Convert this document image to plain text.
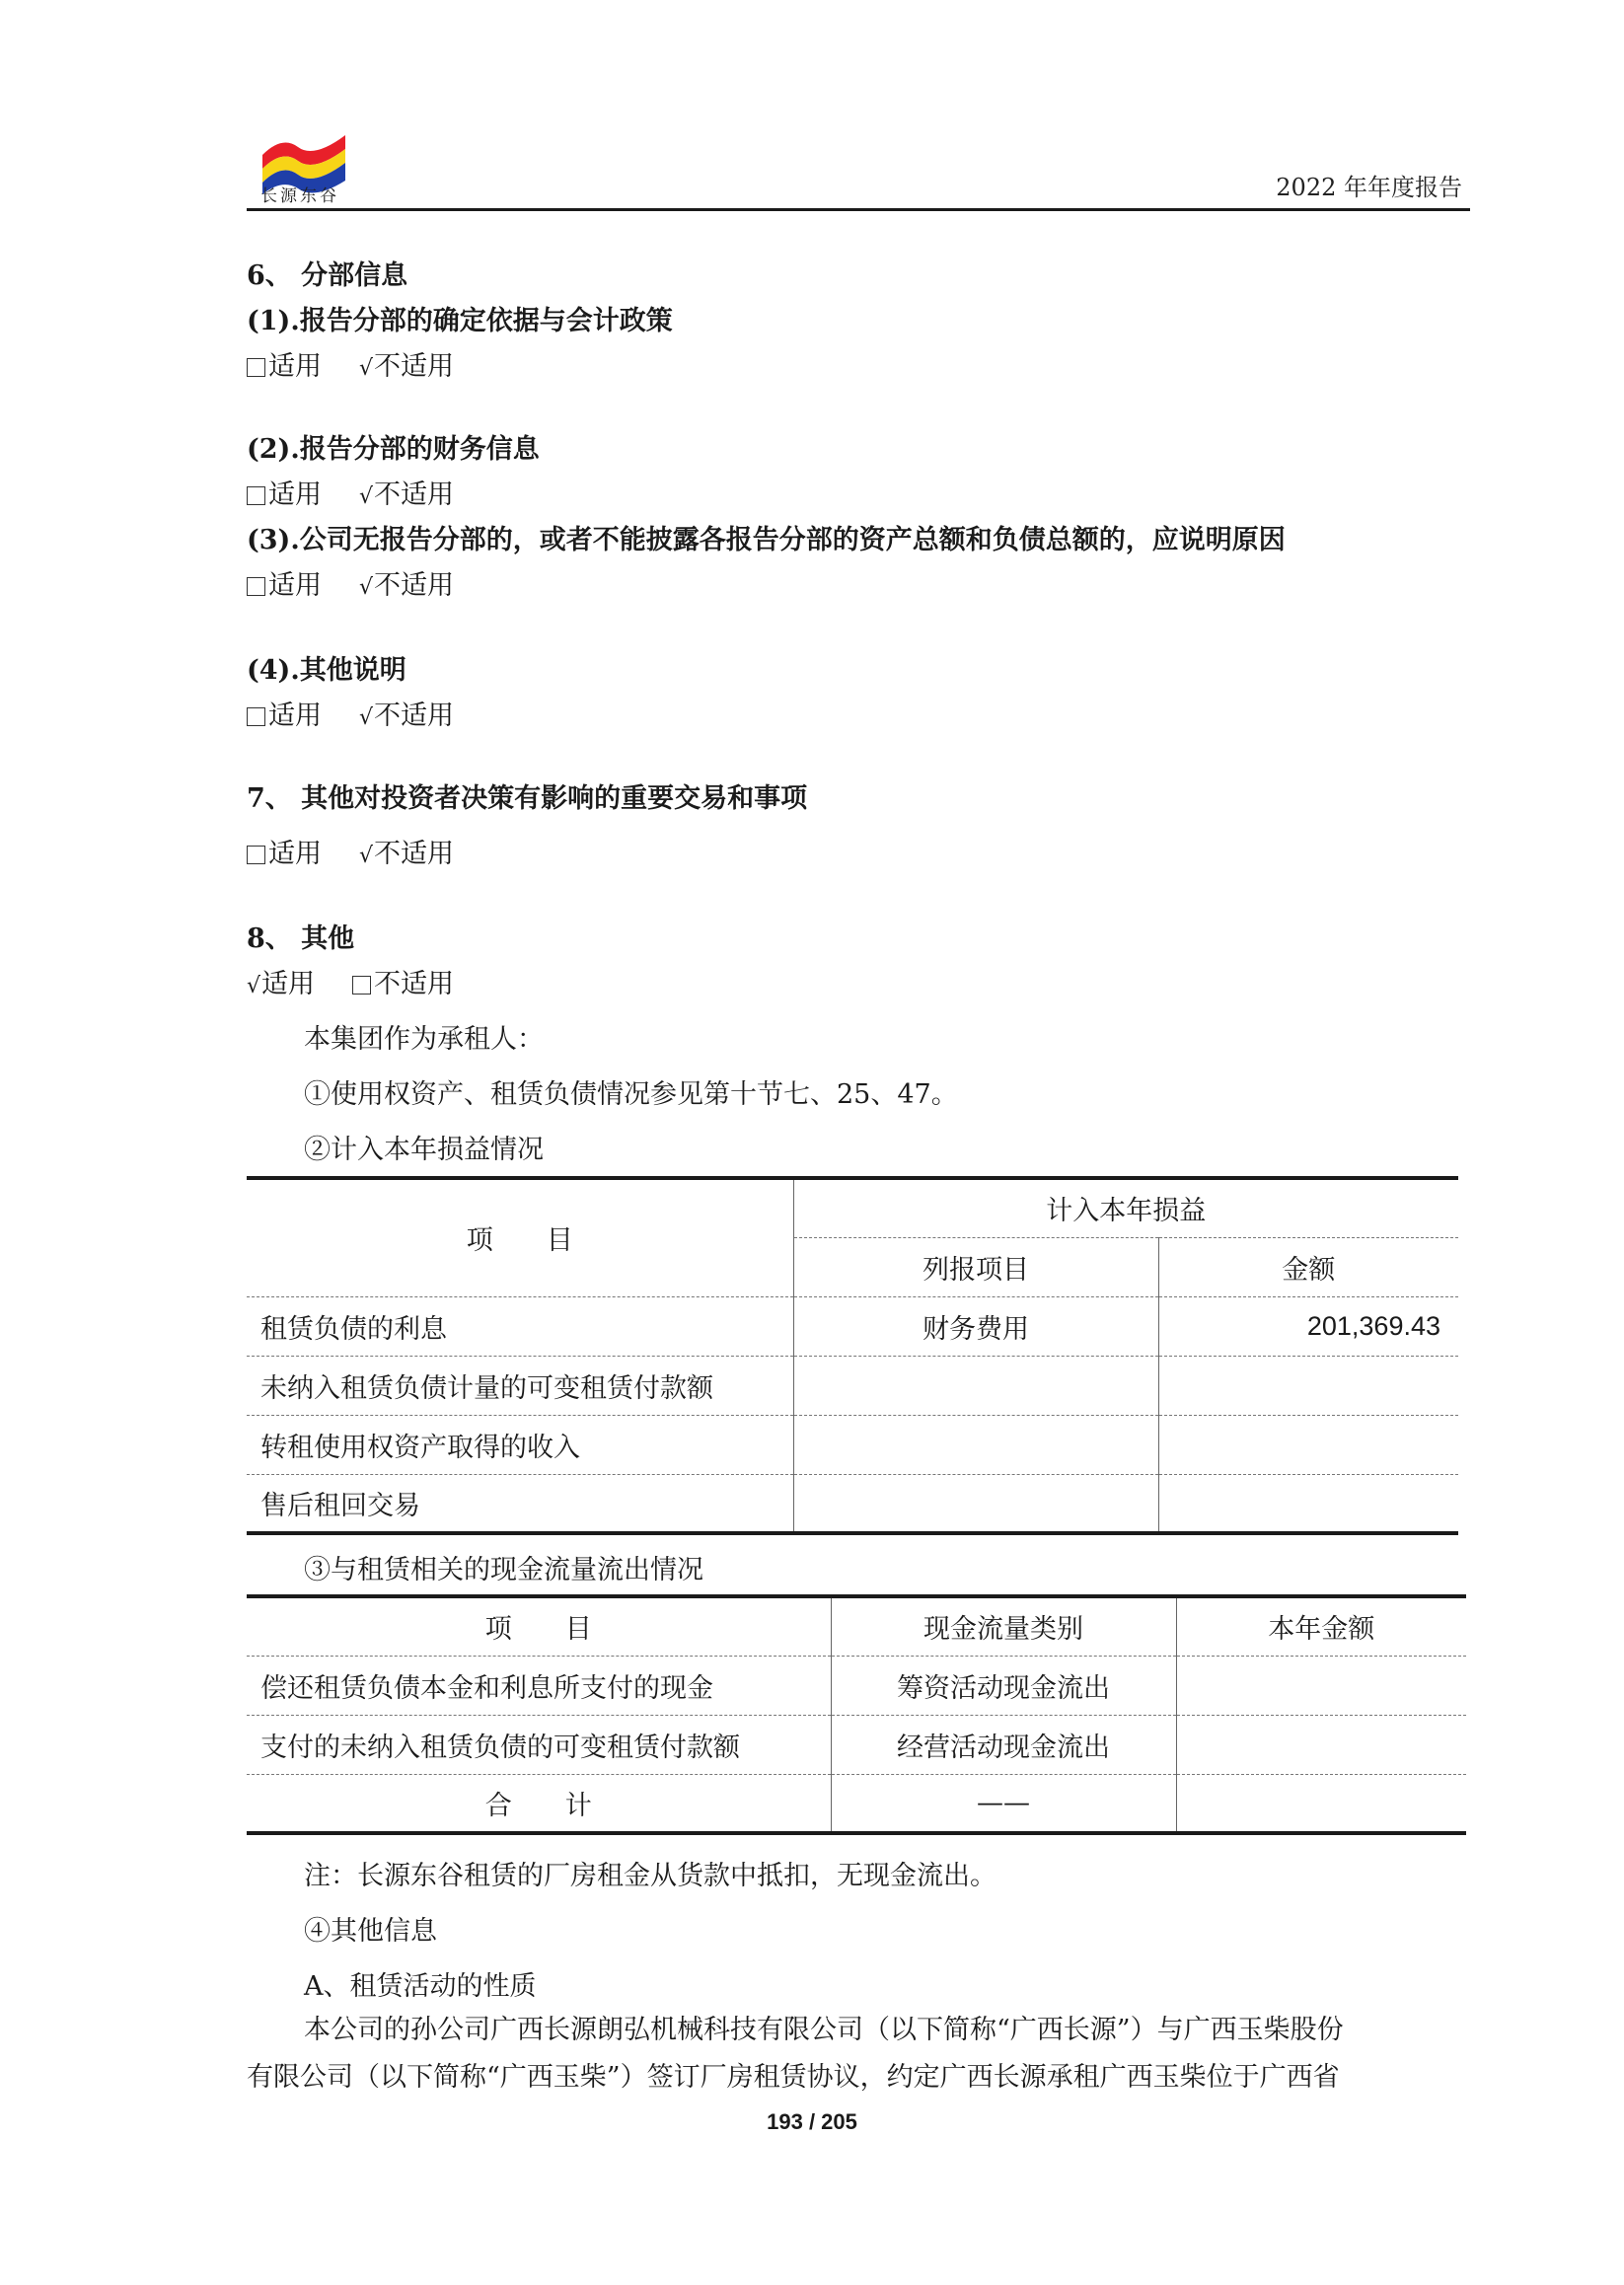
长源东谷	2022 年年度报告
6、 分部信息
(1).报告分部的确定依据与会计政策
适用 √不适用
(2).报告分部的财务信息
适用 √不适用
(3).公司无报告分部的，或者不能披露各报告分部的资产总额和负债总额的，应说明原因
适用 √不适用
(4).其他说明
适用 √不适用
7、 其他对投资者决策有影响的重要交易和事项
适用 √不适用
8、 其他
√适用 不适用
本集团作为承租人：
①使用权资产、租赁负债情况参见第十节七、25、47。
②计入本年损益情况
项　　目	计入本年损益	
	列报项目	金额
租赁负债的利息	财务费用	201,369.43
未纳入租赁负债计量的可变租赁付款额		
转租使用权资产取得的收入		
售后租回交易		
③与租赁相关的现金流量流出情况
项　　目	现金流量类别	本年金额
偿还租赁负债本金和利息所支付的现金	筹资活动现金流出	
支付的未纳入租赁负债的可变租赁付款额	经营活动现金流出	
合　　计	——	
注：长源东谷租赁的厂房租金从货款中抵扣，无现金流出。
④其他信息
A、租赁活动的性质
本公司的孙公司广西长源朗弘机械科技有限公司（以下简称“广西长源”）与广西玉柴股份
有限公司（以下简称“广西玉柴”）签订厂房租赁协议，约定广西长源承租广西玉柴位于广西省
193 / 205
